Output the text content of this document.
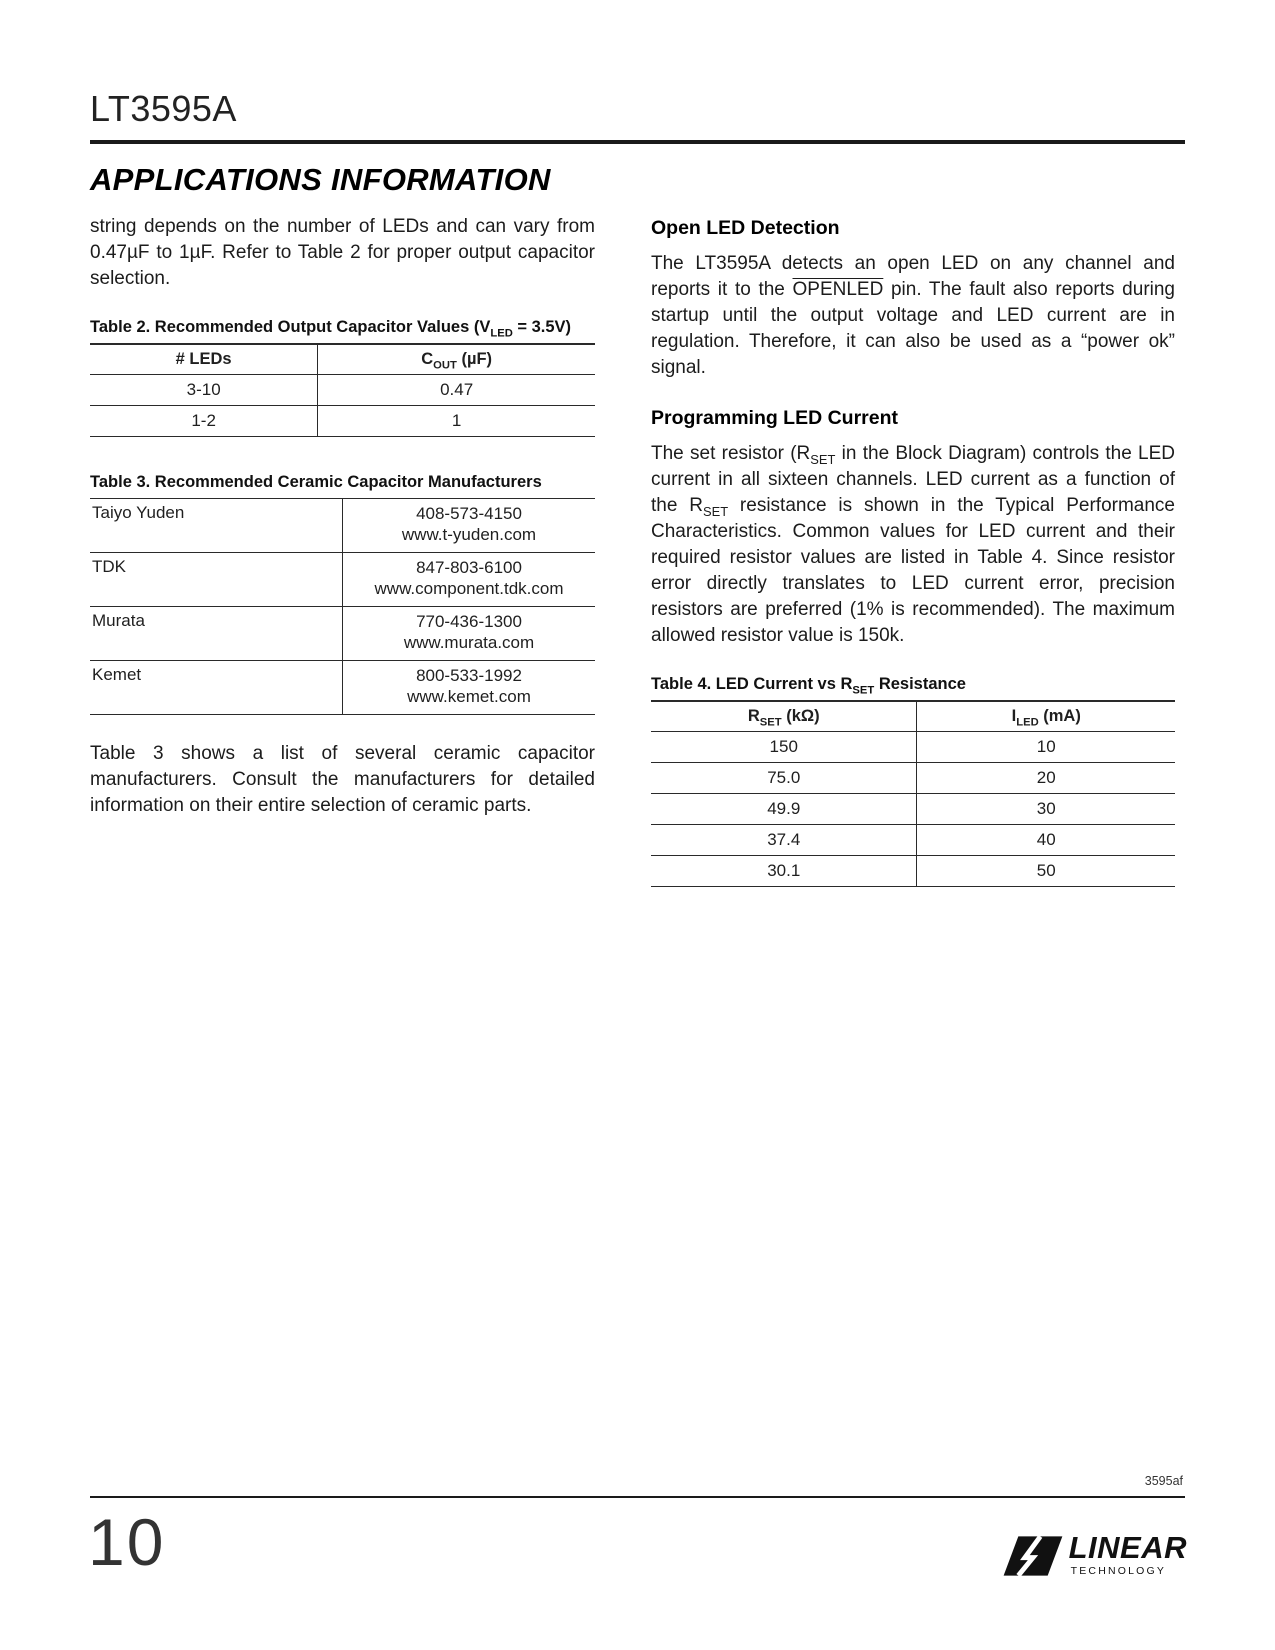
LT3595A
APPLICATIONS INFORMATION

string depends on the number of LEDs and can vary from 0.47µF to 1µF. Refer to Table 2 for proper output capacitor selection.

Table 2. Recommended Output Capacitor Values $(V_{LED} = 3.5V)$
# LEDs	$C_{OUT}$ (µF)
3-10	0.47
1-2	1
Table 3. Recommended Ceramic Capacitor Manufacturers
Taiyo Yuden	408-573-4150
www.t-yuden.com

TDK	847-803-6100
www.component.tdk.com

Murata	770-436-1300
www.murata.com

Kemet	800-533-1992
www.kemet.com

Table 3 shows a list of several ceramic capacitor manufacturers. Consult the manufacturers for detailed information on their entire selection of ceramic parts.

Open LED Detection

The LT3595A detects an open LED on any channel and reports it to the OPENLED pin. The fault also reports during startup until the output voltage and LED current are in regulation. Therefore, it can also be used as a “power ok” signal.

Programming LED Current

The set resistor ($R_{SET}$ in the Block Diagram) controls the LED current in all sixteen channels. LED current as a function of the $R_{SET}$ resistance is shown in the Typical Performance Characteristics. Common values for LED current and their required resistor values are listed in Table 4. Since resistor error directly translates to LED current error, precision resistors are preferred (1% is recommended). The maximum allowed resistor value is 150k.

Table 4. LED Current vs $R_{SET}$ Resistance
$R_{SET}$ (kΩ)	$I_{LED}$ (mA)
150	10
75.0	20
49.9	30
37.4	40
30.1	50
3595af
10	LINEAR
TECHNOLOGY
